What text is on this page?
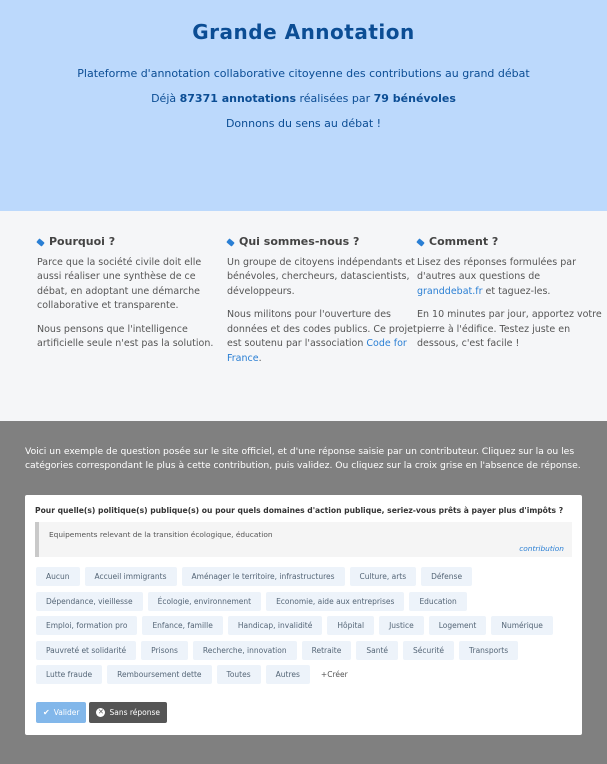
Grande Annotation
Plateforme d'annotation collaborative citoyenne des contributions au grand débat
Déjà 87371 annotations réalisées par 79 bénévoles
Donnons du sens au débat !
Pourquoi ?

Parce que la société civile doit elle aussi réaliser une synthèse de ce débat, en adoptant une démarche collaborative et transparente.

Nous pensons que l'intelligence artificielle seule n'est pas la solution.

Qui sommes-nous ?

Un groupe de citoyens indépendants et bénévoles, chercheurs, datascientists, développeurs.

Nous militons pour l'ouverture des données et des codes publics. Ce projet est soutenu par l'association Code for France.

Comment ?

Lisez des réponses formulées par d'autres aux questions de granddebat.fr et taguez-les.

En 10 minutes par jour, apportez votre pierre à l'édifice. Testez juste en dessous, c'est facile !

Voici un exemple de question posée sur le site officiel, et d'une réponse saisie par un contributeur. Cliquez sur la ou les catégories correspondant le plus à cette contribution, puis validez. Ou cliquez sur la croix grise en l'absence de réponse.
Pour quelle(s) politique(s) publique(s) ou pour quels domaines d'action publique, seriez-vous prêts à payer plus d'impôts ?
Equipements relevant de la transition écologique, éducation
contribution
Aucun	Accueil immigrants	Aménager le territoire, infrastructures	Culture, arts	Défense
Dépendance, vieillesse	Écologie, environnement	Economie, aide aux entreprises	Education
Emploi, formation pro	Enfance, famille	Handicap, invalidité	Hôpital	Justice	Logement	Numérique
Pauvreté et solidarité	Prisons	Recherche, innovation	Retraite	Santé	Sécurité	Transports
Lutte fraude	Remboursement dette	Toutes	Autres	+Créer
✔ Valider	✕ Sans réponse
